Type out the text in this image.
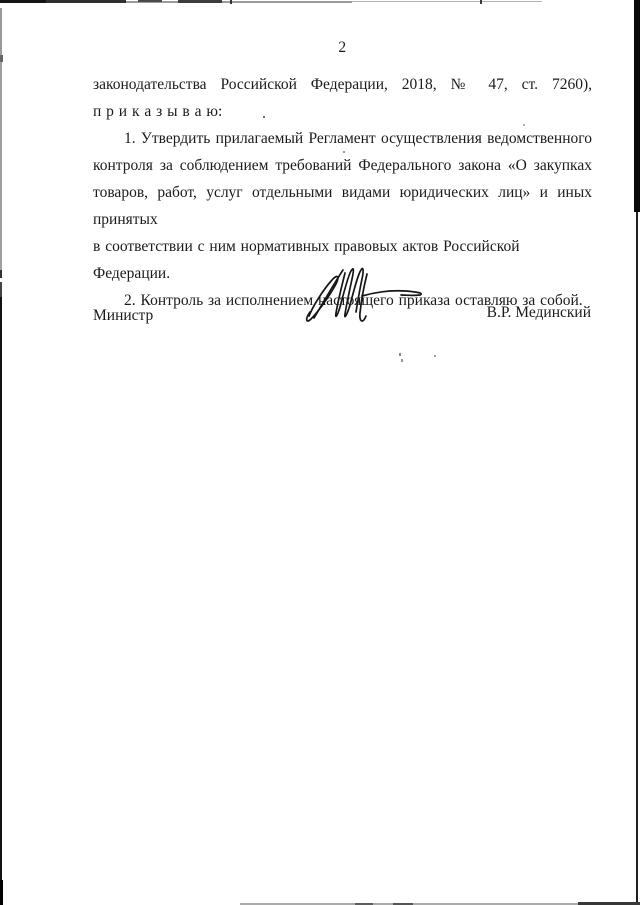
2
законодательства Российской Федерации, 2018, № 47, ст. 7260),
п р и к а з ы в а ю:
1. Утвердить прилагаемый Регламент осуществления ведомственного
контроля за соблюдением требований Федерального закона «О закупках
товаров, работ, услуг отдельными видами юридических лиц» и иных принятых
в соответствии с ним нормативных правовых актов Российской Федерации.
2. Контроль за исполнением настоящего приказа оставляю за собой.
Министр	В.Р. Мединский
